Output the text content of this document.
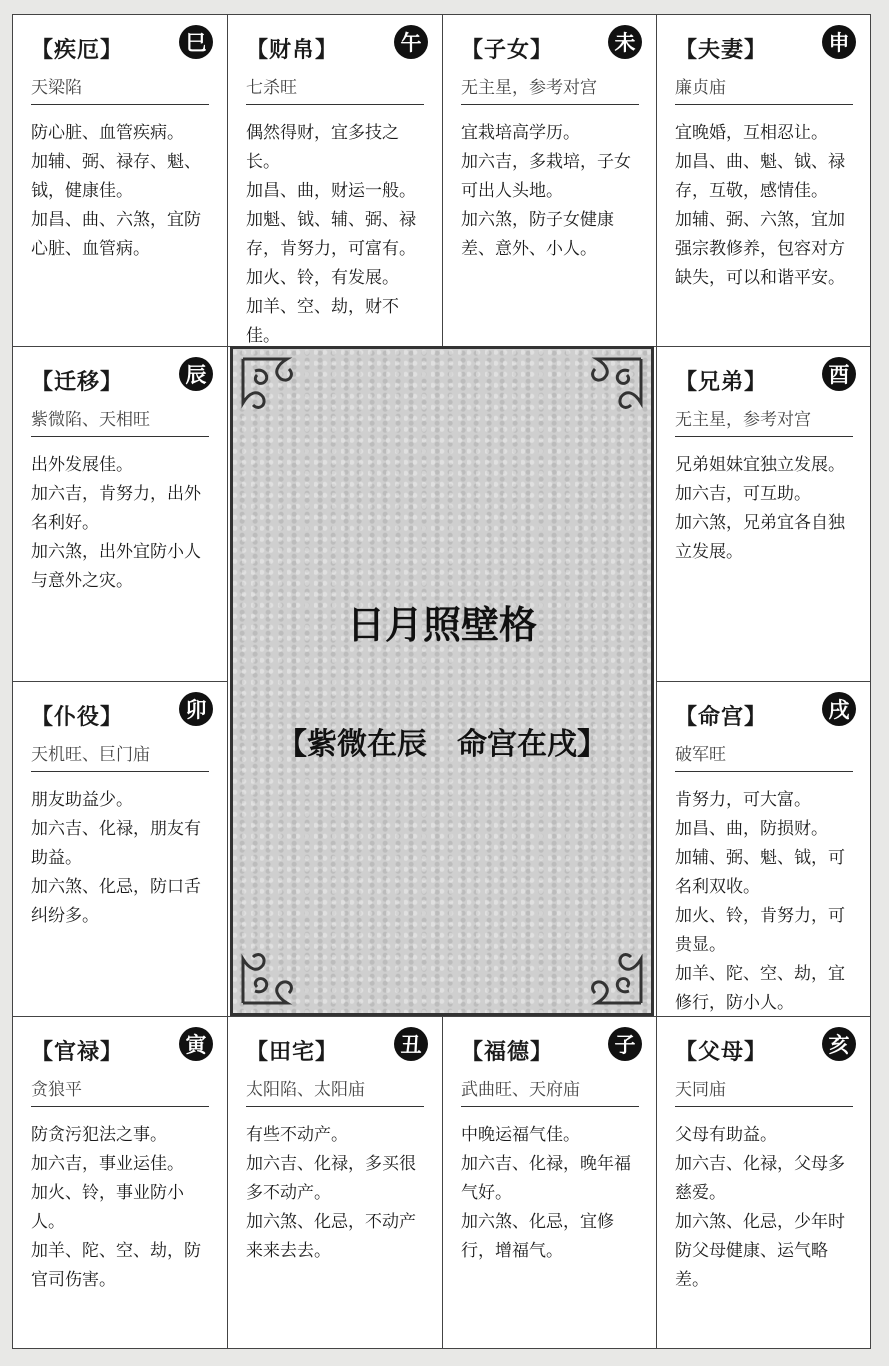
【疾厄】	巳
天梁陷

防心脏、血管疾病。

加辅、弼、禄存、魁、钺，健康佳。

加昌、曲、六煞，宜防心脏、血管病。

【财帛】	午
七杀旺

偶然得财，宜多技之长。

加昌、曲，财运一般。

加魁、钺、辅、弼、禄存，肯努力，可富有。

加火、铃，有发展。

加羊、空、劫，财不佳。

【子女】	未
无主星，参考对宫

宜栽培高学历。

加六吉，多栽培，子女可出人头地。

加六煞，防子女健康差、意外、小人。

【夫妻】	申
廉贞庙

宜晚婚，互相忍让。

加昌、曲、魁、钺、禄存，互敬，感情佳。

加辅、弼、六煞，宜加强宗教修养，包容对方缺失，可以和谐平安。

【迁移】	辰
紫微陷、天相旺

出外发展佳。

加六吉，肯努力，出外名利好。

加六煞，出外宜防小人与意外之灾。

【兄弟】	酉
无主星，参考对宫

兄弟姐妹宜独立发展。

加六吉，可互助。

加六煞，兄弟宜各自独立发展。

【仆役】	卯
天机旺、巨门庙

朋友助益少。

加六吉、化禄，朋友有助益。

加六煞、化忌，防口舌纠纷多。

【命宫】	戌
破军旺

肯努力，可大富。

加昌、曲，防损财。

加辅、弼、魁、钺，可名利双收。

加火、铃，肯努力，可贵显。

加羊、陀、空、劫，宜修行，防小人。

【官禄】	寅
贪狼平

防贪污犯法之事。

加六吉，事业运佳。

加火、铃，事业防小人。

加羊、陀、空、劫，防官司伤害。

【田宅】	丑
太阳陷、太阳庙

有些不动产。

加六吉、化禄，多买很多不动产。

加六煞、化忌，不动产来来去去。

【福德】	子
武曲旺、天府庙

中晚运福气佳。

加六吉、化禄，晚年福气好。

加六煞、化忌，宜修行，增福气。

【父母】	亥
天同庙

父母有助益。

加六吉、化禄，父母多慈爱。

加六煞、化忌，少年时防父母健康、运气略差。

日月照壁格
【紫微在辰　命宫在戌】
